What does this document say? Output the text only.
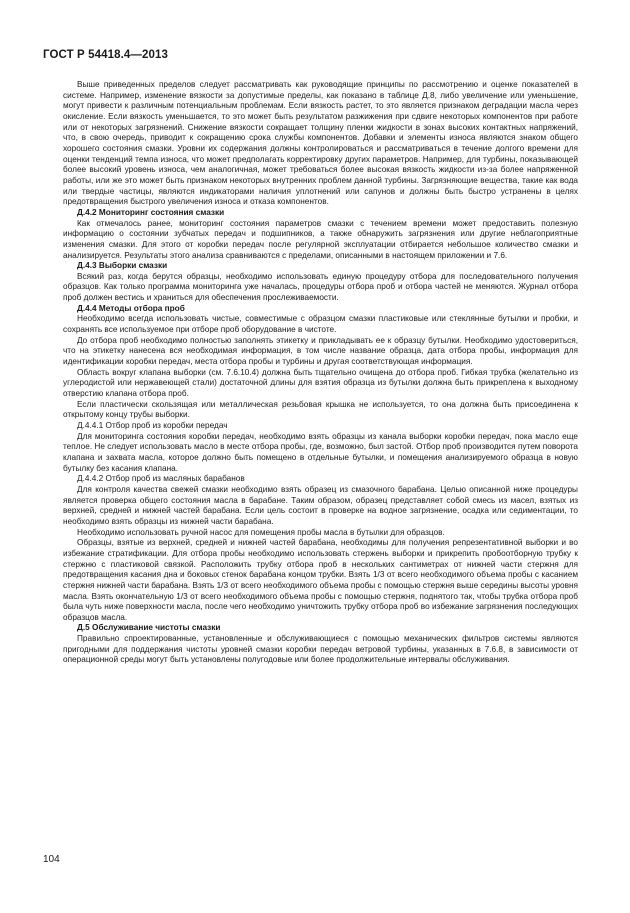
ГОСТ Р 54418.4—2013
Выше приведенных пределов следует рассматривать как руководящие принципы по рассмотрению и оценке показателей в системе. Например, изменение вязкости за допустимые пределы, как показано в таблице Д.8, либо увеличение или уменьшение, могут привести к различным потенциальным проблемам. Если вязкость растет, то это является признаком деградации масла через окисление. Если вязкость уменьшается, то это может быть результатом разжижения при сдвиге некоторых компонентов при работе или от некоторых загрязнений. Снижение вязкости сокращает толщину пленки жидкости в зонах высоких контактных напряжений, что, в свою очередь, приводит к сокращению срока службы компонентов. Добавки и элементы износа являются знаком общего хорошего состояния смазки. Уровни их содержания должны контролироваться и рассматриваться в течение долгого времени для оценки тенденций темпа износа, что может предполагать корректировку других параметров. Например, для турбины, показывающей более высокий уровень износа, чем аналогичная, может требоваться более высокая вязкость жидкости из-за более напряженной работы, или же это может быть признаком некоторых внутренних проблем данной турбины. Загрязняющие вещества, такие как вода или твердые частицы, являются индикаторами наличия уплотнений или сапунов и должны быть быстро устранены в целях предотвращения быстрого увеличения износа и отказа компонентов.
Д.4.2 Мониторинг состояния смазки
Как отмечалось ранее, мониторинг состояния параметров смазки с течением времени может предоставить полезную информацию о состоянии зубчатых передач и подшипников, а также обнаружить загрязнения или другие неблагоприятные изменения смазки. Для этого от коробки передач после регулярной эксплуатации отбирается небольшое количество смазки и анализируется. Результаты этого анализа сравниваются с пределами, описанными в настоящем приложении и 7.6.
Д.4.3 Выборки смазки
Всякий раз, когда берутся образцы, необходимо использовать единую процедуру отбора для последовательного получения образцов. Как только программа мониторинга уже началась, процедуры отбора проб и отбора частей не меняются. Журнал отбора проб должен вестись и храниться для обеспечения прослеживаемости.
Д.4.4 Методы отбора проб
Необходимо всегда использовать чистые, совместимые с образцом смазки пластиковые или стеклянные бутылки и пробки, и сохранять все используемое при отборе проб оборудование в чистоте.
До отбора проб необходимо полностью заполнять этикетку и прикладывать ее к образцу бутылки. Необходимо удостовериться, что на этикетку нанесена вся необходимая информация, в том числе название образца, дата отбора пробы, информация для идентификации коробки передач, места отбора пробы и турбины и другая соответствующая информация.
Область вокруг клапана выборки (см. 7.6.10.4) должна быть тщательно очищена до отбора проб. Гибкая трубка (желательно из углеродистой или нержавеющей стали) достаточной длины для взятия образца из бутылки должна быть прикреплена к выходному отверстию клапана отбора проб.
Если пластически скользящая или металлическая резьбовая крышка не используется, то она должна быть присоединена к открытому концу трубы выборки.
Д.4.4.1 Отбор проб из коробки передач
Для мониторинга состояния коробки передач, необходимо взять образцы из канала выборки коробки передач, пока масло еще теплое. Не следует использовать масло в месте отбора пробы, где, возможно, был застой. Отбор проб производится путем поворота клапана и захвата масла, которое должно быть помещено в отдельные бутылки, и помещения анализируемого образца в новую бутылку без касания клапана.
Д.4.4.2 Отбор проб из масляных барабанов
Для контроля качества свежей смазки необходимо взять образец из смазочного барабана. Целью описанной ниже процедуры является проверка общего состояния масла в барабане. Таким образом, образец представляет собой смесь из масел, взятых из верхней, средней и нижней частей барабана. Если цель состоит в проверке на водное загрязнение, осадка или седиментации, то необходимо взять образцы из нижней части барабана.
Необходимо использовать ручной насос для помещения пробы масла в бутылки для образцов.
Образцы, взятые из верхней, средней и нижней частей барабана, необходимы для получения репрезентативной выборки и во избежание стратификации. Для отбора пробы необходимо использовать стержень выборки и прикрепить пробоотборную трубку к стержню с пластиковой связкой. Расположить трубку отбора проб в нескольких сантиметрах от нижней части стержня для предотвращения касания дна и боковых стенок барабана концом трубки. Взять 1/3 от всего необходимого объема пробы с касанием стержня нижней части барабана. Взять 1/3 от всего необходимого объема пробы с помощью стержня выше середины высоты уровня масла. Взять окончательную 1/3 от всего необходимого объема пробы с помощью стержня, поднятого так, чтобы трубка отбора проб была чуть ниже поверхности масла, после чего необходимо уничтожить трубку отбора проб во избежание загрязнения последующих образцов масла.
Д.5 Обслуживание чистоты смазки
Правильно спроектированные, установленные и обслуживающиеся с помощью механических фильтров системы являются пригодными для поддержания чистоты уровней смазки коробки передач ветровой турбины, указанных в 7.6.8, в зависимости от операционной среды могут быть установлены полугодовые или более продолжительные интервалы обслуживания.
104
